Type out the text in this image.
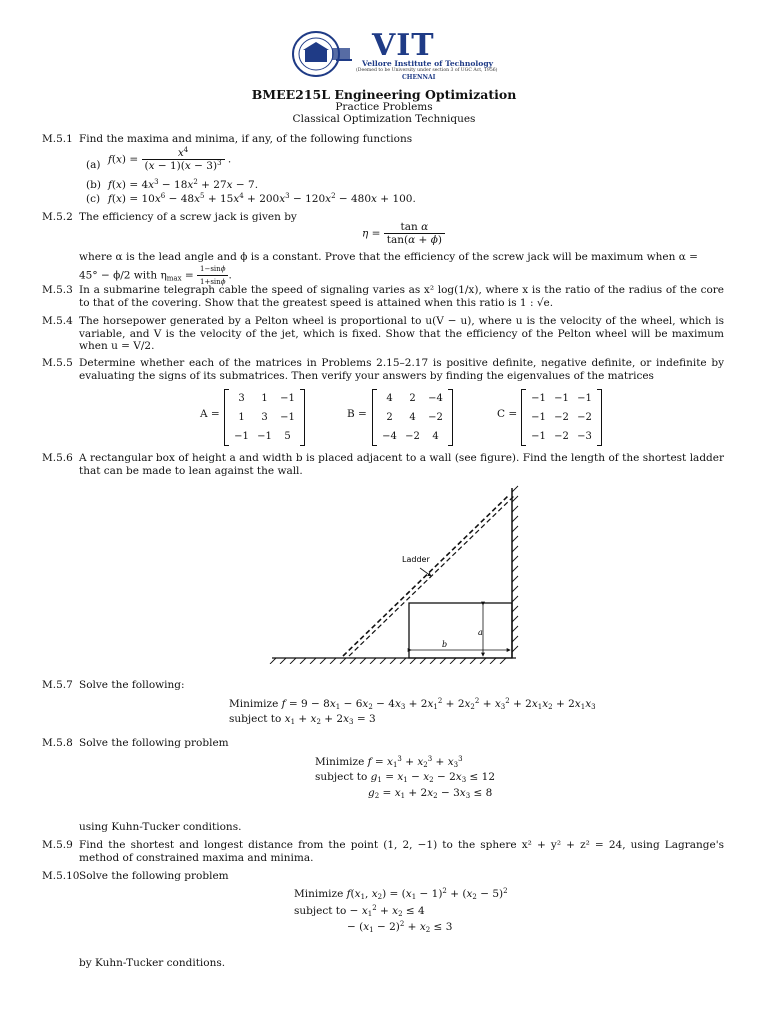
VIT
Vellore Institute of Technology
(Deemed to be University under section 3 of UGC Act, 1956)
CHENNAI
BMEE215L Engineering Optimization
Practice Problems
Classical Optimization Techniques
M.5.1 Find the maxima and minima, if any, of the following functions
(a) $f(x) = \frac{x^4}{(x - 1)(x - 3)^3}$ .
(b) $f(x) = 4x^3 - 18x^2 + 27x - 7$.
(c) $f(x) = 10x^6 - 48x^5 + 15x^4 + 200x^3 - 120x^2 - 480x + 100$.
M.5.2 The efficiency of a screw jack is given by
$\eta = \frac{\text{tan α}}{\tan(\alpha + \phi)}$
where α is the lead angle and ϕ is a constant. Prove that the efficiency of the screw jack will be maximum when α =
45° − ϕ/2 with $\eta_{max} = \frac{1-\sin\phi}{1+\sin\phi}$ .
M.5.3 In a submarine telegraph cable the speed of signaling varies as x² log(1/x), where x is the ratio of the radius of the core to that of the covering. Show that the greatest speed is attained when this ratio is 1 : √e.
M.5.4 The horsepower generated by a Pelton wheel is proportional to u(V − u), where u is the velocity of the wheel, which is variable, and V is the velocity of the jet, which is fixed. Show that the efficiency of the Pelton wheel will be maximum when u = V/2.
M.5.5 Determine whether each of the matrices in Problems 2.15–2.17 is positive definite, negative definite, or indefinite by evaluating the signs of its submatrices. Then verify your answers by finding the eigenvalues of the matrices
A =
3	1	−1
1	3	−1
−1	−1	5
B =
4	2	−4
2	4	−2
−4	−2	4
C =
−1	−1	−1
−1	−2	−2
−1	−2	−3
M.5.6 A rectangular box of height a and width b is placed adjacent to a wall (see figure). Find the length of the shortest ladder that can be made to lean against the wall.
Ladder
a
b
M.5.7 Solve the following:
Minimize $f = 9 - 8x_1 - 6x_2 - 4x_3 + 2x_1^2 + 2x_2^2 + x_3^2 + 2x_1x_2 + 2x_1x_3$
subject to $x_1 + x_2 + 2x_3 = 3$
M.5.8 Solve the following problem
Minimize $f = x_1^3 + x_2^3 + x_3^3$
subject to $g_1 = x_1 - x_2 - 2x_3 \le 12$
$g_2 = x_1 + 2x_2 - 3x_3 \le 8$
using Kuhn-Tucker conditions.
M.5.9 Find the shortest and longest distance from the point (1, 2, −1) to the sphere x² + y² + z² = 24, using Lagrange's method of constrained maxima and minima.
M.5.10 Solve the following problem
Minimize $f(x_1$, $x_2) = (x_1 - 1)^2 + (x_2 - 5)^2$
subject to − $x_1^2 + x_2 \le 4$
− $(x_1 - 2)^2 + x_2 \le 3$
by Kuhn-Tucker conditions.
